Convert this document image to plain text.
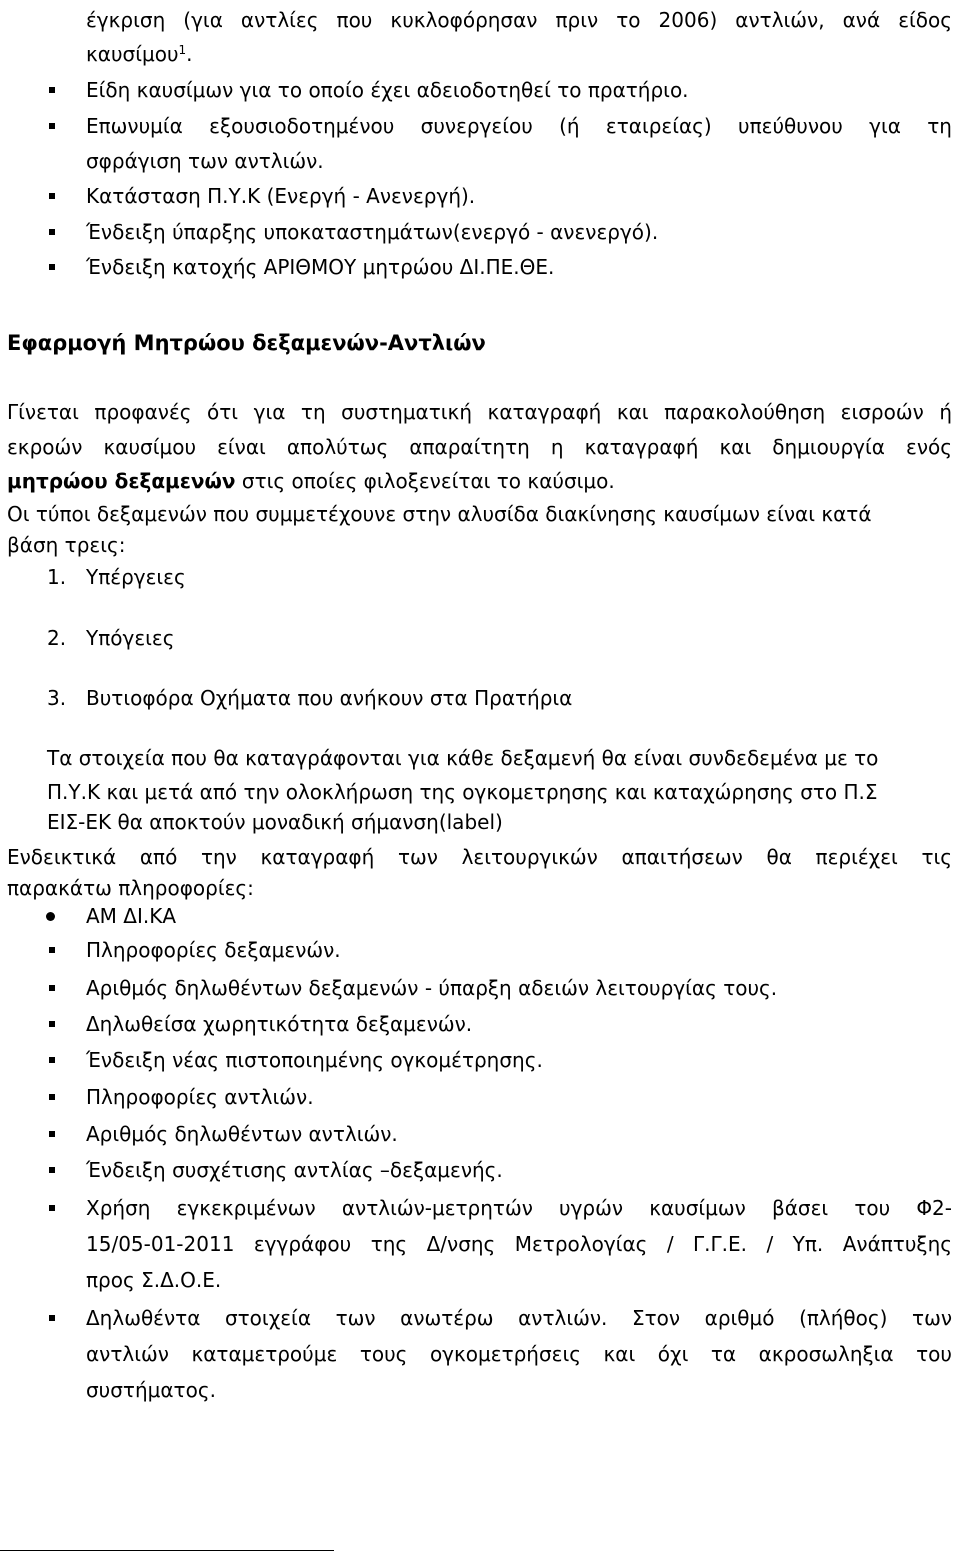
έγκριση (για αντλίες που κυκλοφόρησαν πριν το 2006) αντλιών, ανά είδος
καυσίμου$^1$.
Είδη καυσίμων για το οποίο έχει αδειοδοτηθεί το πρατήριο.
Επωνυμία εξουσιοδοτημένου συνεργείου (ή εταιρείας) υπεύθυνου για τη
σφράγιση των αντλιών.
Κατάσταση Π.Υ.Κ (Ενεργή - Ανενεργή).
Ένδειξη ύπαρξης υποκαταστημάτων(ενεργό - ανενεργό).
Ένδειξη κατοχής ΑΡΙΘΜΟΥ μητρώου ΔΙ.ΠΕ.ΘΕ.
Εφαρμογή Μητρώου δεξαμενών-Αντλιών
Γίνεται προφανές ότι για τη συστηματική καταγραφή και παρακολούθηση εισροών ή
εκροών καυσίμου είναι απολύτως απαραίτητη η καταγραφή και δημιουργία ενός
μητρώου δεξαμενών στις οποίες φιλοξενείται το καύσιμο.
Οι τύποι δεξαμενών που συμμετέχουνε στην αλυσίδα διακίνησης καυσίμων είναι κατά
βάση τρεις:
1. Υπέργειες
2. Υπόγειες
3. Βυτιοφόρα Οχήματα που ανήκουν στα Πρατήρια
Τα στοιχεία που θα καταγράφονται για κάθε δεξαμενή θα είναι συνδεδεμένα με το
Π.Υ.Κ και μετά από την ολοκλήρωση της ογκομετρησης και καταχώρησης στο Π.Σ
ΕΙΣ-ΕΚ θα αποκτούν μοναδική σήμανση(label)
Ενδεικτικά από την καταγραφή των λειτουργικών απαιτήσεων θα περιέχει τις
παρακάτω πληροφορίες:
ΑΜ ΔΙ.ΚΑ
Πληροφορίες δεξαμενών.
Αριθμός δηλωθέντων δεξαμενών - ύπαρξη αδειών λειτουργίας τους.
Δηλωθείσα χωρητικότητα δεξαμενών.
Ένδειξη νέας πιστοποιημένης ογκομέτρησης.
Πληροφορίες αντλιών.
Αριθμός δηλωθέντων αντλιών.
Ένδειξη συσχέτισης αντλίας –δεξαμενής.
Χρήση εγκεκριμένων αντλιών-μετρητών υγρών καυσίμων βάσει του Φ2-
15/05-01-2011 εγγράφου της Δ/νσης Μετρολογίας / Γ.Γ.Ε. / Υπ. Ανάπτυξης
προς Σ.Δ.Ο.Ε.
Δηλωθέντα στοιχεία των ανωτέρω αντλιών. Στον αριθμό (πλήθος) των
αντλιών καταμετρούμε τους ογκομετρήσεις και όχι τα ακροσωληξια του
συστήματος.
